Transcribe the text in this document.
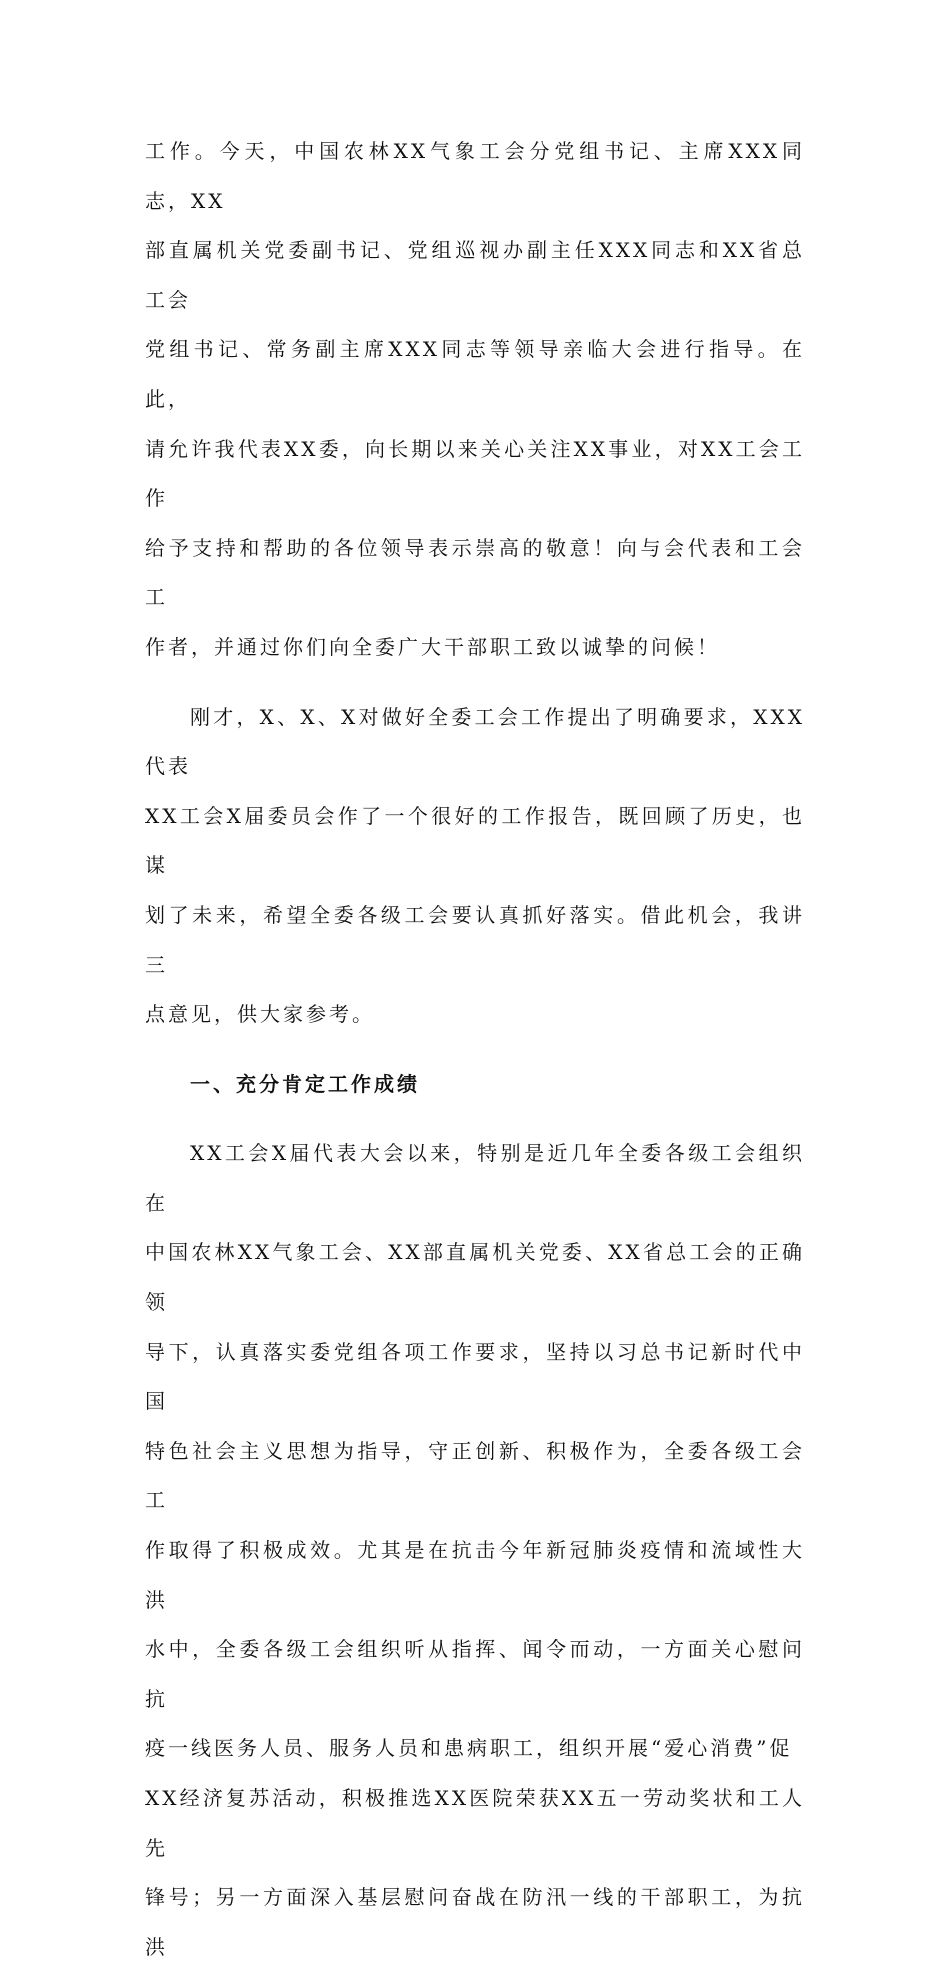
工作。今天，中国农林XX气象工会分党组书记、主席XXX同志，XX
部直属机关党委副书记、党组巡视办副主任XXX同志和XX省总工会
党组书记、常务副主席XXX同志等领导亲临大会进行指导。在此，
请允许我代表XX委，向长期以来关心关注XX事业，对XX工会工作
给予支持和帮助的各位领导表示崇高的敬意！向与会代表和工会工
作者，并通过你们向全委广大干部职工致以诚挚的问候！

刚才，X、X、X对做好全委工会工作提出了明确要求，XXX代表
XX工会X届委员会作了一个很好的工作报告，既回顾了历史，也谋
划了未来，希望全委各级工会要认真抓好落实。借此机会，我讲三
点意见，供大家参考。

一、充分肯定工作成绩

XX工会X届代表大会以来，特别是近几年全委各级工会组织在
中国农林XX气象工会、XX部直属机关党委、XX省总工会的正确领
导下，认真落实委党组各项工作要求，坚持以习总书记新时代中国
特色社会主义思想为指导，守正创新、积极作为，全委各级工会工
作取得了积极成效。尤其是在抗击今年新冠肺炎疫情和流域性大洪
水中，全委各级工会组织听从指挥、闻令而动，一方面关心慰问抗
疫一线医务人员、服务人员和患病职工，组织开展“爱心消费”促
XX经济复苏活动，积极推选XX医院荣获XX五一劳动奖状和工人先
锋号；另一方面深入基层慰问奋战在防汛一线的干部职工，为抗洪
